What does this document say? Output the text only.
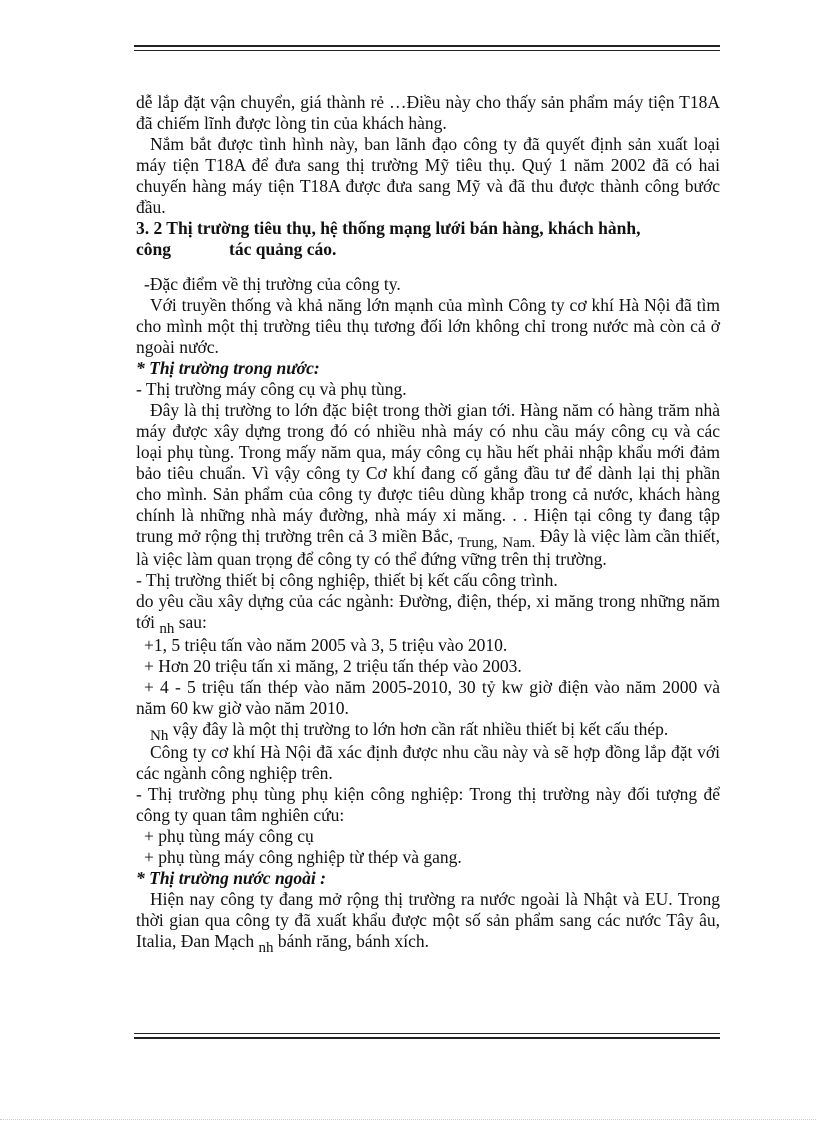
dễ lắp đặt vận chuyển, giá thành rẻ …Điều này cho thấy sản phẩm máy tiện T18A đã chiếm lĩnh được lòng tin của khách hàng.

Nắm bắt được tình hình này, ban lãnh đạo công ty đã quyết định sản xuất loại máy tiện T18A để đưa sang thị trường Mỹ tiêu thụ. Quý 1 năm 2002 đã có hai chuyến hàng máy tiện T18A được đưa sang Mỹ và đã thu được thành công bước đầu.

3. 2 Thị trường tiêu thụ, hệ thống mạng lưới bán hàng, khách hành,
công	tác quảng cáo.

-Đặc điểm về thị trường của công ty.

Với truyền thống và khả năng lớn mạnh của mình Công ty cơ khí Hà Nội đã tìm cho mình một thị trường tiêu thụ tương đối lớn không chỉ trong nước mà còn cả ở ngoài nước.

* Thị trường trong nước:

- Thị trường máy công cụ và phụ tùng.

Đây là thị trường to lớn đặc biệt trong thời gian tới. Hàng năm có hàng trăm nhà máy được xây dựng trong đó có nhiều nhà máy có nhu cầu máy công cụ và các loại phụ tùng. Trong mấy năm qua, máy công cụ hầu hết phải nhập khẩu mới đảm bảo tiêu chuẩn. Vì vậy công ty Cơ khí đang cố gắng đầu tư để dành lại thị phần cho mình. Sản phẩm của công ty được tiêu dùng khắp trong cả nước, khách hàng chính là những nhà máy đường, nhà máy xi măng. . . Hiện tại công ty đang tập trung mở rộng thị trường trên cả 3 miền Bắc, Trung, Nam. Đây là việc làm cần thiết, là việc làm quan trọng để công ty có thể đứng vững trên thị trường.

- Thị trường thiết bị công nghiệp, thiết bị kết cấu công trình.

do yêu cầu xây dựng của các ngành: Đường, điện, thép, xi măng trong những năm tới nh sau:

+1, 5 triệu tấn vào năm 2005 và 3, 5 triệu vào 2010.

+ Hơn 20 triệu tấn xi măng, 2 triệu tấn thép vào 2003.

+ 4 - 5 triệu tấn thép vào năm 2005-2010, 30 tỷ kw giờ điện vào năm 2000 và năm 60 kw giờ vào năm 2010.

Nh vậy đây là một thị trường to lớn hơn cần rất nhiều thiết bị kết cấu thép.

Công ty cơ khí Hà Nội đã xác định được nhu cầu này và sẽ hợp đồng lắp đặt với các ngành công nghiệp trên.

- Thị trường phụ tùng phụ kiện công nghiệp: Trong thị trường này đối tượng để công ty quan tâm nghiên cứu:

+ phụ tùng máy công cụ

+ phụ tùng máy công nghiệp từ thép và gang.

* Thị trường nước ngoài :

Hiện nay công ty đang mở rộng thị trường ra nước ngoài là Nhật và EU. Trong thời gian qua công ty đã xuất khẩu được một số sản phẩm sang các nước Tây âu, Italia, Đan Mạch nh bánh răng, bánh xích.
